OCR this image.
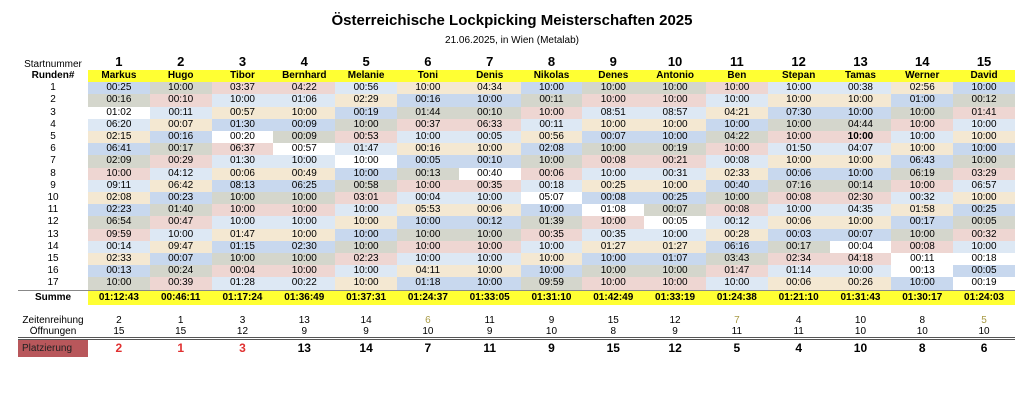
Österreichische Lockpicking Meisterschaften 2025
21.06.2025, in Wien (Metalab)
Startnummer	1	2	3	4	5	6	7	8	9	10	11	12	13	14	15
Runden#	Markus	Hugo	Tibor	Bernhard	Melanie	Toni	Denis	Nikolas	Denes	Antonio	Ben	Stepan	Tamas	Werner	David
1	00:25	10:00	03:37	04:22	00:56	10:00	04:34	10:00	10:00	10:00	10:00	10:00	00:38	02:56	10:00
2	00:16	00:10	10:00	01:06	02:29	00:16	10:00	00:11	10:00	10:00	10:00	10:00	10:00	01:00	00:12
3	01:02	00:11	00:57	10:00	00:19	01:44	00:10	10:00	08:51	08:57	04:21	07:30	10:00	10:00	01:41
4	06:20	00:07	01:30	00:09	10:00	00:37	06:33	00:11	10:00	10:00	10:00	10:00	04:44	10:00	10:00
5	02:15	00:16	00:20	00:09	00:53	10:00	00:05	00:56	00:07	10:00	04:22	10:00	10:00	10:00	10:00
6	06:41	00:17	06:37	00:57	01:47	00:16	10:00	02:08	10:00	00:19	10:00	01:50	04:07	10:00	10:00
7	02:09	00:29	01:30	10:00	10:00	00:05	00:10	10:00	00:08	00:21	00:08	10:00	10:00	06:43	10:00
8	10:00	04:12	00:06	00:49	10:00	00:13	00:40	00:06	10:00	00:31	02:33	00:06	10:00	06:19	03:29
9	09:11	06:42	08:13	06:25	00:58	10:00	00:35	00:18	00:25	10:00	00:40	07:16	00:14	10:00	06:57
10	02:08	00:23	10:00	10:00	03:01	00:04	10:00	05:07	00:08	00:25	10:00	00:08	02:30	00:32	10:00
11	02:23	01:40	10:00	10:00	10:00	05:53	00:06	10:00	01:08	00:07	00:08	10:00	04:35	01:58	00:25
12	06:54	00:47	10:00	10:00	10:00	10:00	00:12	01:39	10:00	00:05	00:12	00:06	10:00	00:17	00:05
13	09:59	10:00	01:47	10:00	10:00	10:00	10:00	00:35	00:35	10:00	00:28	00:03	00:07	10:00	00:32
14	00:14	09:47	01:15	02:30	10:00	10:00	10:00	10:00	01:27	01:27	06:16	00:17	00:04	00:08	10:00
15	02:33	00:07	10:00	10:00	02:23	10:00	10:00	10:00	10:00	01:07	03:43	02:34	04:18	00:11	00:18
16	00:13	00:24	00:04	10:00	10:00	04:11	10:00	10:00	10:00	10:00	01:47	01:14	10:00	00:13	00:05
17	10:00	00:39	01:28	00:22	10:00	01:18	10:00	09:59	10:00	10:00	10:00	00:06	00:26	10:00	00:19
Summe	01:12:43	00:46:11	01:17:24	01:36:49	01:37:31	01:24:37	01:33:05	01:31:10	01:42:49	01:33:19	01:24:38	01:21:10	01:31:43	01:30:17	01:24:03

Zeitenreihung	2	1	3	13	14	6	11	9	15	12	7	4	10	8	5
Öffnungen	15	15	12	9	9	10	9	10	8	9	11	11	10	10	10
Platzierung	2	1	3	13	14	7	11	9	15	12	5	4	10	8	6
